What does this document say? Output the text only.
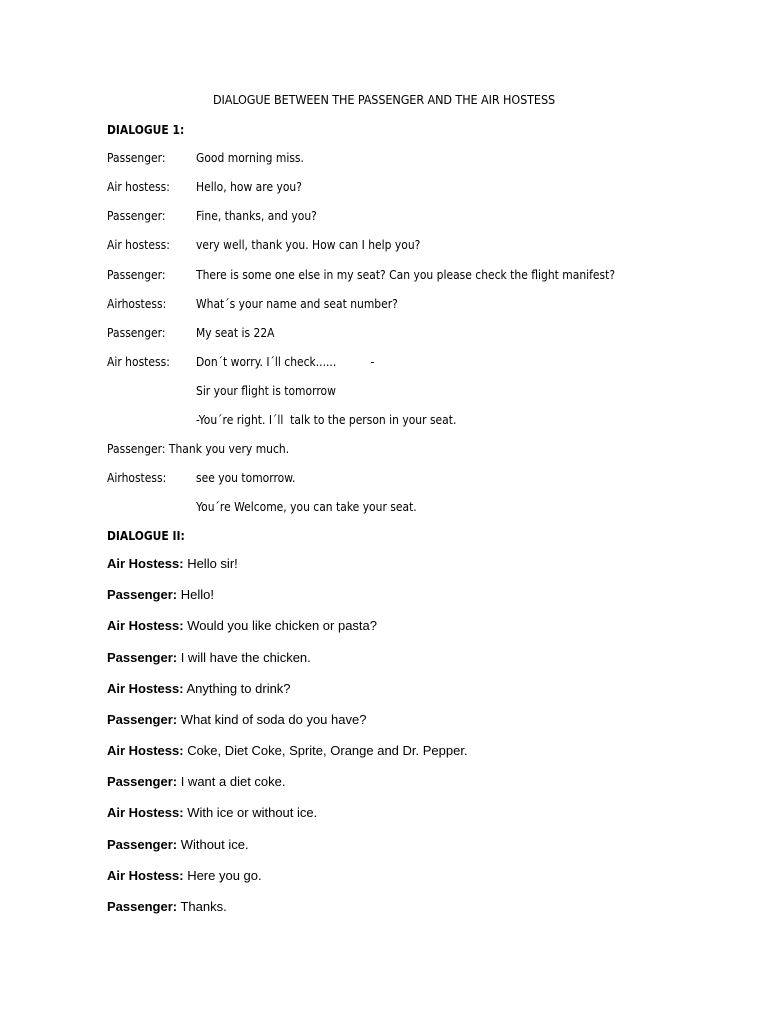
DIALOGUE BETWEEN THE PASSENGER AND THE AIR HOSTESS
DIALOGUE 1:
Passenger: Good morning miss.
Air hostess: Hello, how are you?
Passenger: Fine, thanks, and you?
Air hostess: very well, thank you. How can I help you?
Passenger: There is some one else in my seat? Can you please check the flight manifest?
Airhostess: What´s your name and seat number?
Passenger: My seat is 22A
Air hostess: Don´t worry. I´ll check......          -
Sir your flight is tomorrow
-You´re right. I´ll  talk to the person in your seat.
Passenger: Thank you very much.
Airhostess: see you tomorrow.
You´re Welcome, you can take your seat.
DIALOGUE II:
Air Hostess: Hello sir!
Passenger: Hello!
Air Hostess: Would you like chicken or pasta?
Passenger: I will have the chicken.
Air Hostess: Anything to drink?
Passenger: What kind of soda do you have?
Air Hostess: Coke, Diet Coke, Sprite, Orange and Dr. Pepper.
Passenger: I want a diet coke.
Air Hostess: With ice or without ice.
Passenger: Without ice.
Air Hostess: Here you go.
Passenger: Thanks.
